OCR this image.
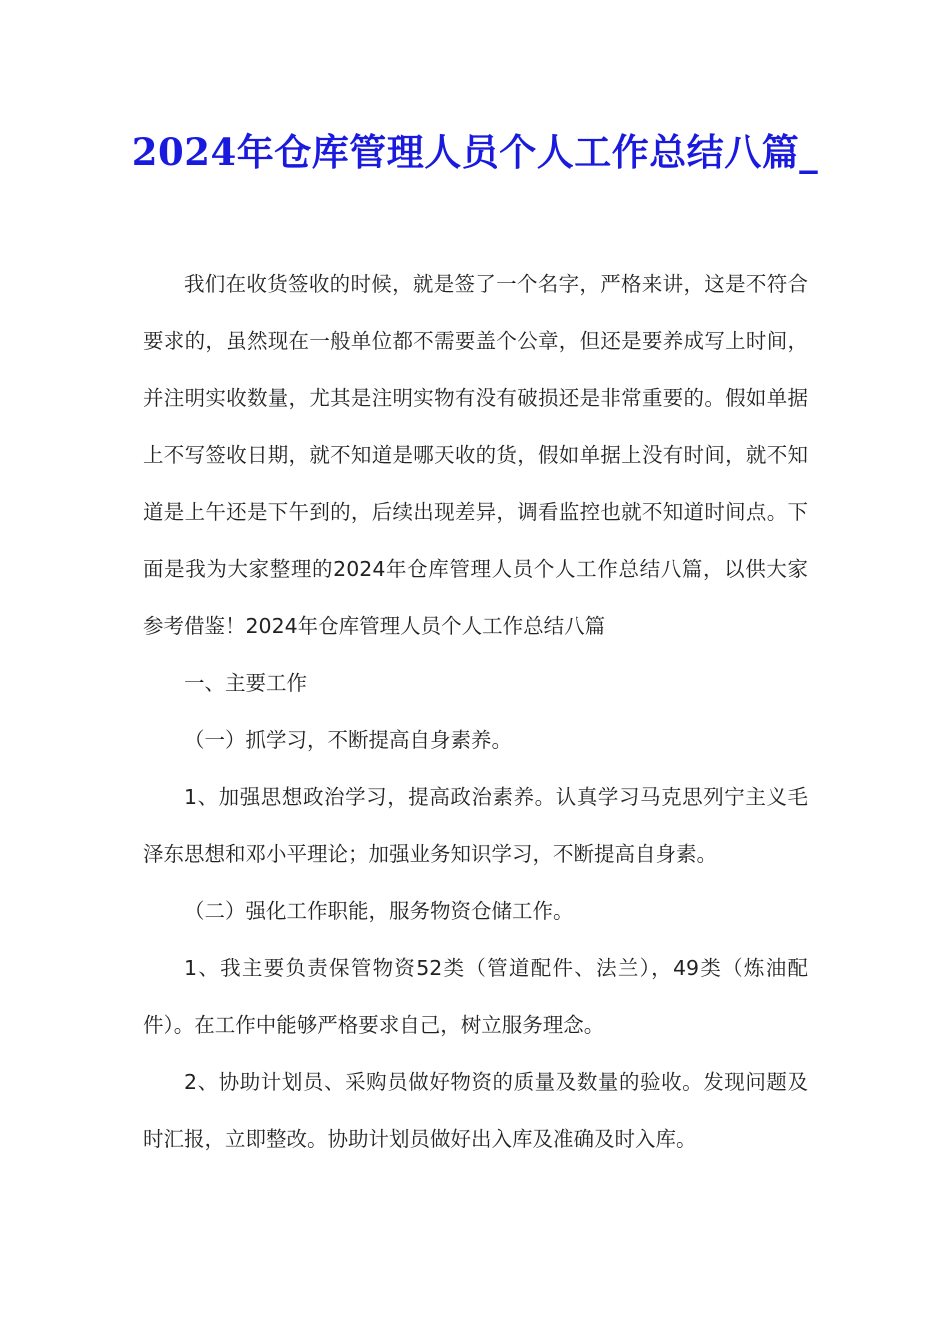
2024年仓库管理人员个人工作总结八篇_

我们在收货签收的时候，就是签了一个名字，严格来讲，这是不符合要求的，虽然现在一般单位都不需要盖个公章，但还是要养成写上时间，并注明实收数量，尤其是注明实物有没有破损还是非常重要的。假如单据上不写签收日期，就不知道是哪天收的货，假如单据上没有时间，就不知道是上午还是下午到的，后续出现差异，调看监控也就不知道时间点。下面是我为大家整理的2024年仓库管理人员个人工作总结八篇，以供大家参考借鉴！2024年仓库管理人员个人工作总结八篇

一、主要工作

（一）抓学习，不断提高自身素养。

1、加强思想政治学习，提高政治素养。认真学习马克思列宁主义毛泽东思想和邓小平理论；加强业务知识学习，不断提高自身素。

（二）强化工作职能，服务物资仓储工作。

1、我主要负责保管物资52类（管道配件、法兰），49类（炼油配件）。在工作中能够严格要求自己，树立服务理念。

2、协助计划员、采购员做好物资的质量及数量的验收。发现问题及时汇报，立即整改。协助计划员做好出入库及准确及时入库。
